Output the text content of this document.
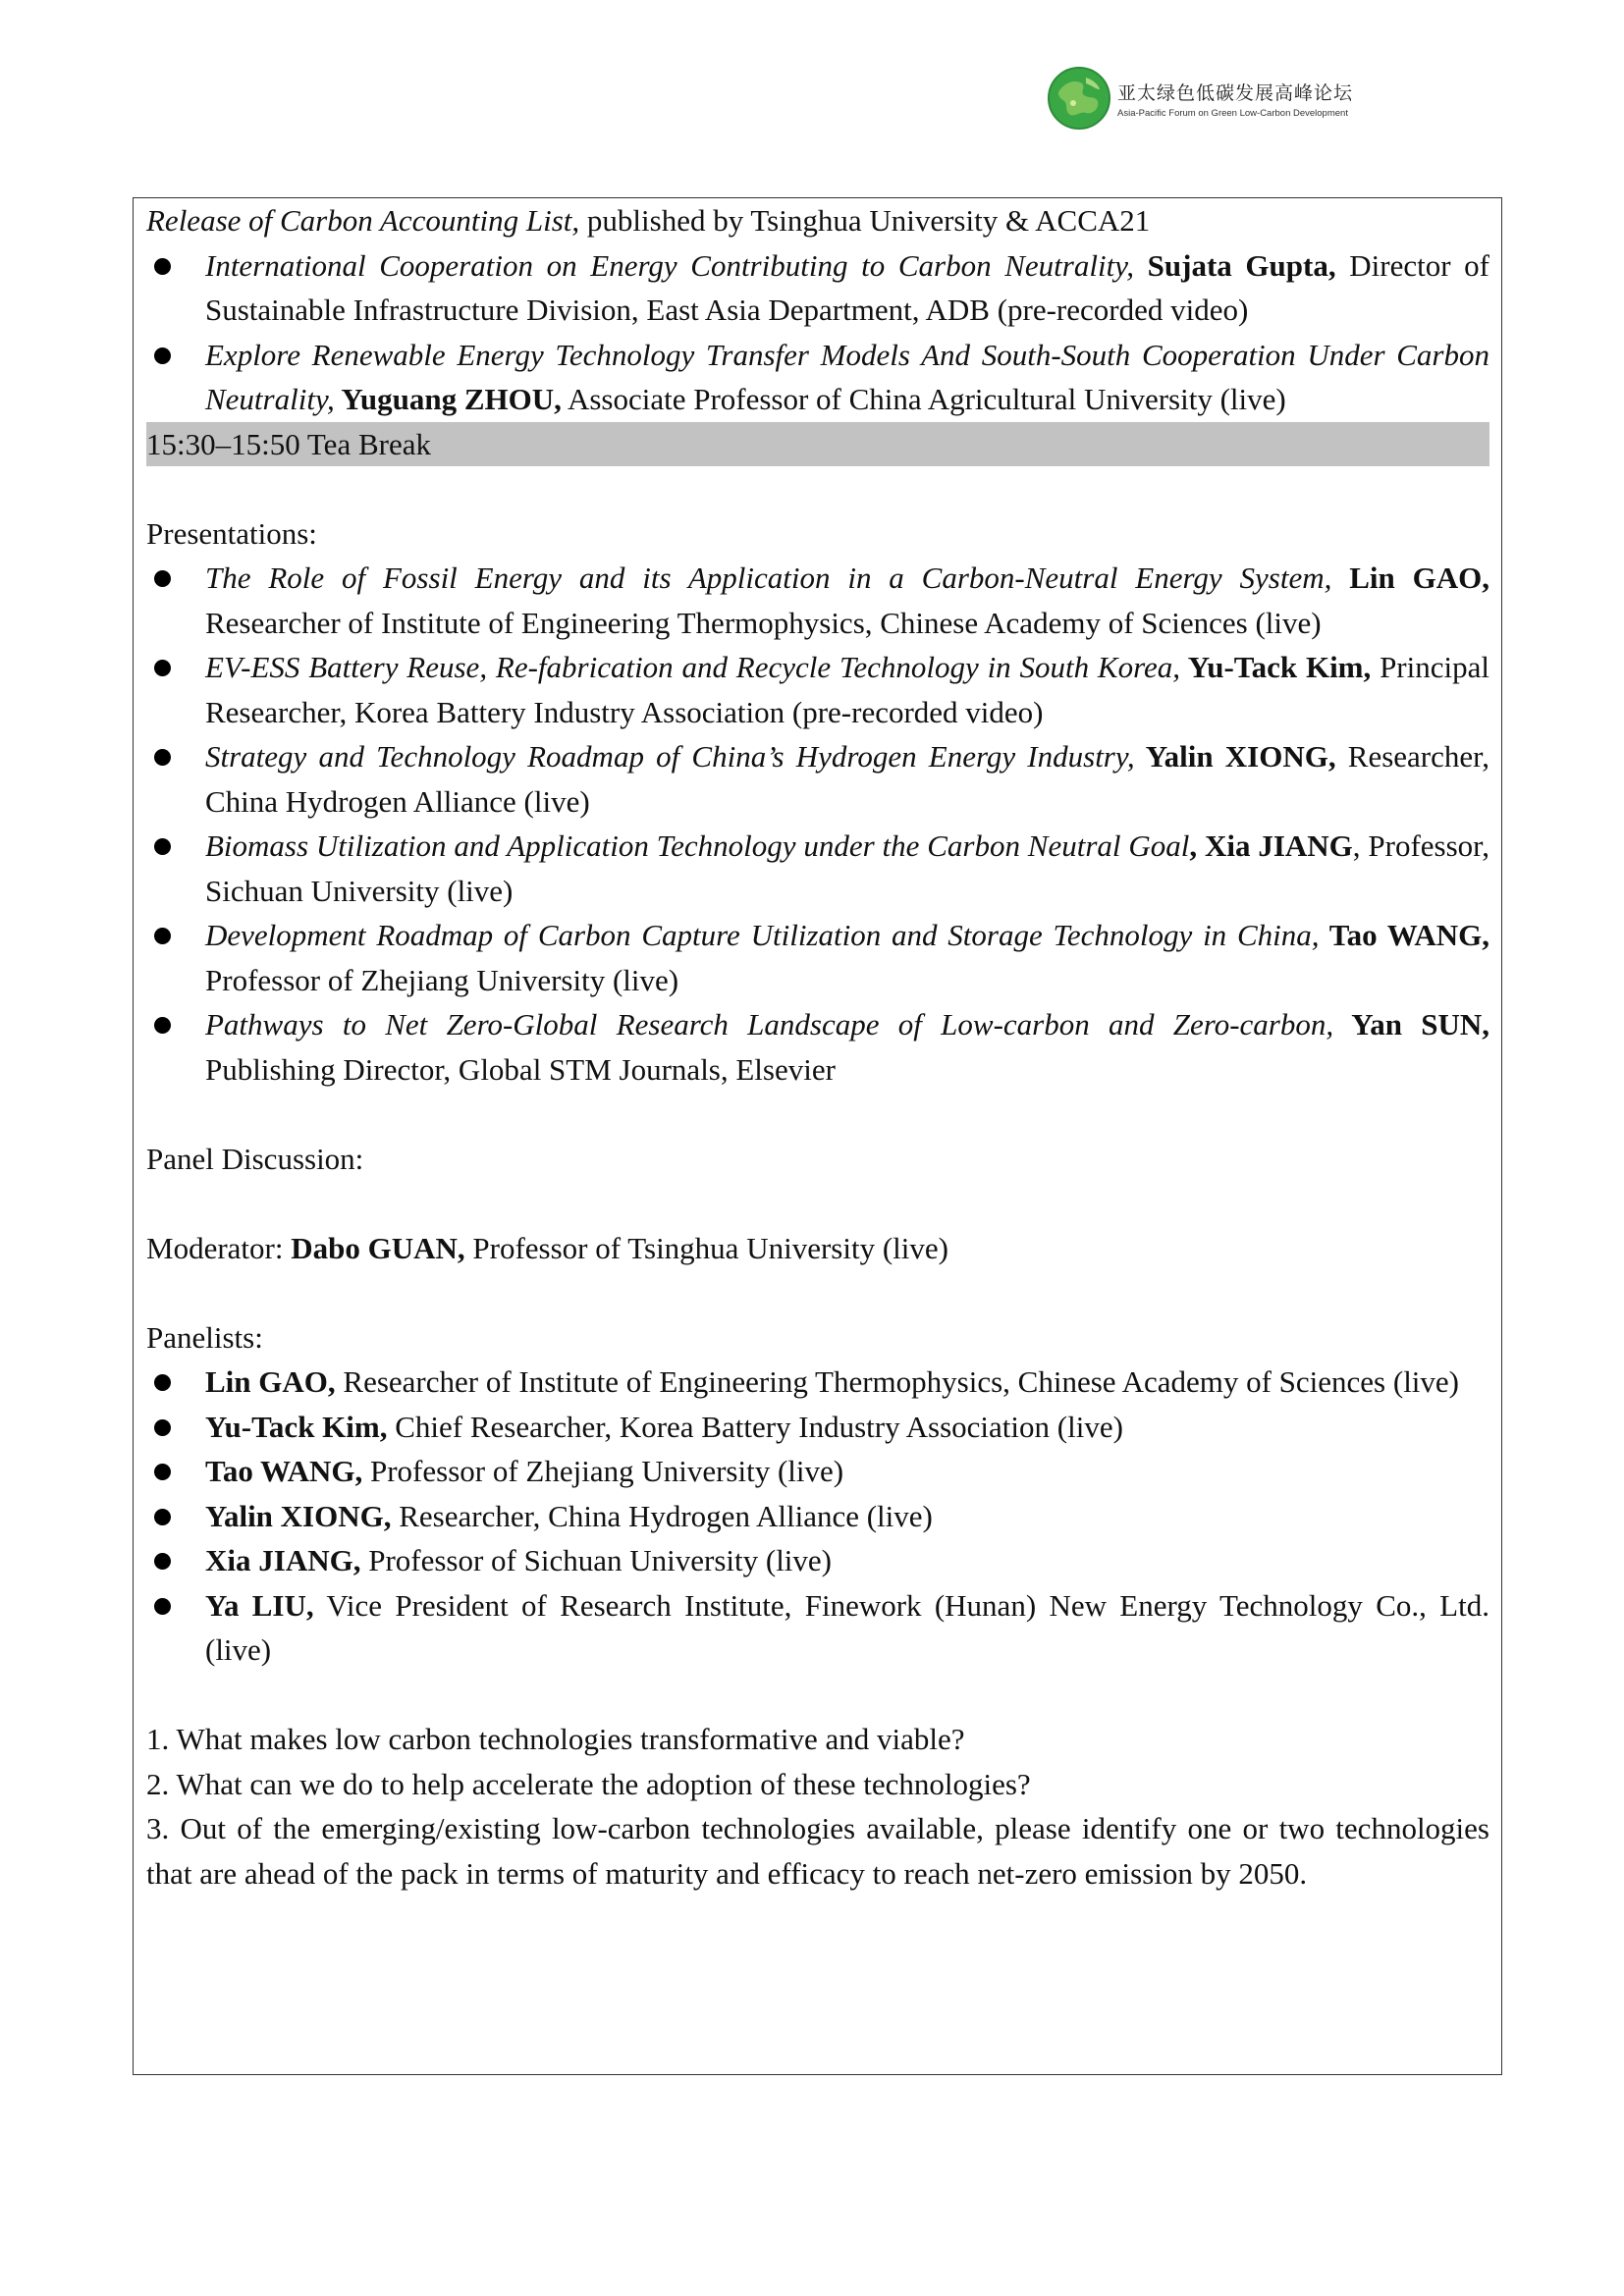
亚太绿色低碳发展高峰论坛
Asia-Pacific Forum on Green Low-Carbon Development

Release of Carbon Accounting List, published by Tsinghua University & ACCA21

International Cooperation on Energy Contributing to Carbon Neutrality, Sujata Gupta, Director of Sustainable Infrastructure Division, East Asia Department, ADB (pre-recorded video)

Explore Renewable Energy Technology Transfer Models And South-South Cooperation Under Carbon Neutrality, Yuguang ZHOU, Associate Professor of China Agricultural University (live)

15:30–15:50 Tea Break

Presentations:

The Role of Fossil Energy and its Application in a Carbon-Neutral Energy System, Lin GAO, Researcher of Institute of Engineering Thermophysics, Chinese Academy of Sciences (live)

EV-ESS Battery Reuse, Re-fabrication and Recycle Technology in South Korea, Yu-Tack Kim, Principal Researcher, Korea Battery Industry Association (pre-recorded video)

Strategy and Technology Roadmap of China’s Hydrogen Energy Industry, Yalin XIONG, Researcher, China Hydrogen Alliance (live)

Biomass Utilization and Application Technology under the Carbon Neutral Goal, Xia JIANG, Professor, Sichuan University (live)

Development Roadmap of Carbon Capture Utilization and Storage Technology in China, Tao WANG, Professor of Zhejiang University (live)

Pathways to Net Zero-Global Research Landscape of Low-carbon and Zero-carbon, Yan SUN, Publishing Director, Global STM Journals, Elsevier

Panel Discussion:

Moderator: Dabo GUAN, Professor of Tsinghua University (live)

Panelists:

Lin GAO, Researcher of Institute of Engineering Thermophysics, Chinese Academy of Sciences (live)

Yu-Tack Kim, Chief Researcher, Korea Battery Industry Association (live)

Tao WANG, Professor of Zhejiang University (live)

Yalin XIONG, Researcher, China Hydrogen Alliance (live)

Xia JIANG, Professor of Sichuan University (live)

Ya LIU, Vice President of Research Institute, Finework (Hunan) New Energy Technology Co., Ltd. (live)

1. What makes low carbon technologies transformative and viable?

2. What can we do to help accelerate the adoption of these technologies?

3. Out of the emerging/existing low-carbon technologies available, please identify one or two technologies that are ahead of the pack in terms of maturity and efficacy to reach net-zero emission by 2050.
